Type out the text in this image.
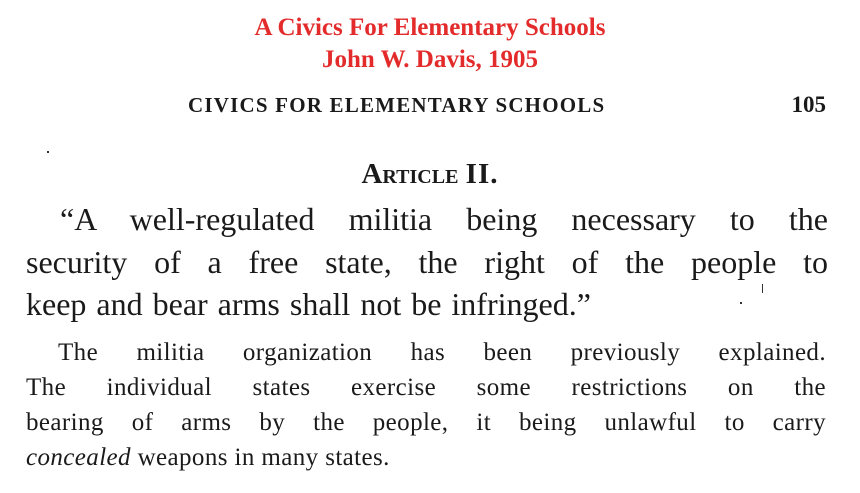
A Civics For Elementary Schools
John W. Davis, 1905
CIVICS FOR ELEMENTARY SCHOOLS	105
Article II.
“A well-regulated militia being necessary to the
security of a free state, the right of the people to
keep and bear arms shall not be infringed.”
The militia organization has been previously explained.
The individual states exercise some restrictions on the
bearing of arms by the people, it being unlawful to carry
concealed weapons in many states.
